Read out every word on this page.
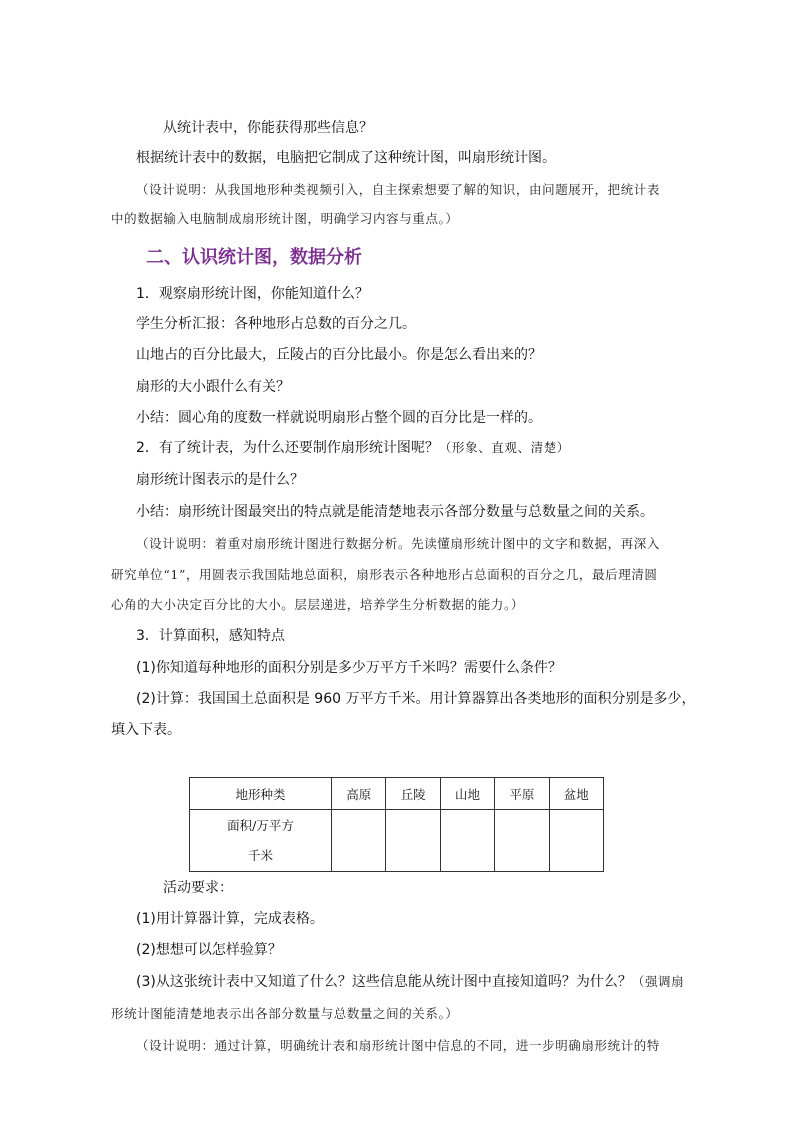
从统计表中，你能获得那些信息？
根据统计表中的数据，电脑把它制成了这种统计图，叫扇形统计图。
（设计说明：从我国地形种类视频引入，自主探索想要了解的知识，由问题展开，把统计表
中的数据输入电脑制成扇形统计图，明确学习内容与重点。）
二、认识统计图，数据分析
1．观察扇形统计图，你能知道什么？
学生分析汇报：各种地形占总数的百分之几。
山地占的百分比最大，丘陵占的百分比最小。你是怎么看出来的？
扇形的大小跟什么有关？
小结：圆心角的度数一样就说明扇形占整个圆的百分比是一样的。
2．有了统计表，为什么还要制作扇形统计图呢？（形象、直观、清楚）
扇形统计图表示的是什么？
小结：扇形统计图最突出的特点就是能清楚地表示各部分数量与总数量之间的关系。
（设计说明：着重对扇形统计图进行数据分析。先读懂扇形统计图中的文字和数据，再深入
研究单位“1”，用圆表示我国陆地总面积，扇形表示各种地形占总面积的百分之几，最后理清圆
心角的大小决定百分比的大小。层层递进，培养学生分析数据的能力。）
3．计算面积，感知特点
(1)你知道每种地形的面积分别是多少万平方千米吗？需要什么条件？
(2)计算：我国国土总面积是 960 万平方千米。用计算器算出各类地形的面积分别是多少，
填入下表。
地形种类	高原	丘陵	山地	平原	盆地

面积/万平方
千米					

活动要求：
(1)用计算器计算，完成表格。
(2)想想可以怎样验算？
(3)从这张统计表中又知道了什么？这些信息能从统计图中直接知道吗？为什么？（强调扇
形统计图能清楚地表示出各部分数量与总数量之间的关系。）
（设计说明：通过计算，明确统计表和扇形统计图中信息的不同，进一步明确扇形统计的特
